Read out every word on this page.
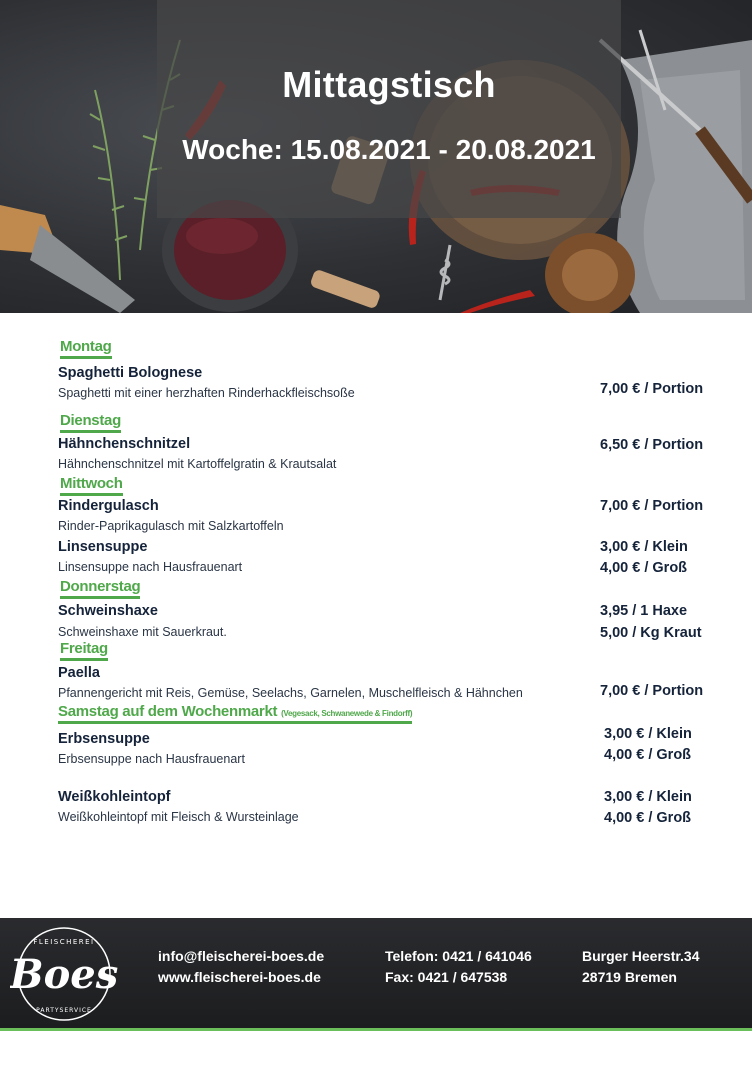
Mittagstisch
Woche: 15.08.2021 - 20.08.2021
Montag
Spaghetti Bolognese
Spaghetti mit einer herzhaften Rinderhackfleischsoße	7,00 € / Portion
Dienstag
Hähnchenschnitzel
Hähnchenschnitzel mit Kartoffelgratin & Krautsalat
6,50 € / Portion
Mittwoch
Rindergulasch
Rinder-Paprikagulasch mit Salzkartoffeln
7,00 € / Portion
Linsensuppe
Linsensuppe nach Hausfrauenart
3,00 € / Klein
4,00 € / Groß
Donnerstag
Schweinshaxe
Schweinshaxe mit Sauerkraut.
3,95 / 1 Haxe
5,00 / Kg Kraut
Freitag
Paella
Pfannengericht mit Reis, Gemüse, Seelachs, Garnelen, Muschelfleisch & Hähnchen	7,00 € / Portion
Samstag auf dem Wochenmarkt (Vegesack, Schwanewede & Findorff)
Erbsensuppe
Erbsensuppe nach Hausfrauenart
3,00 € / Klein
4,00 € / Groß
Weißkohleintopf
Weißkohleintopf mit Fleisch & Wursteinlage
3,00 € / Klein
4,00 € / Groß
FLEISCHEREI
Boes
PARTYSERVICE
info@fleischerei-boes.de
www.fleischerei-boes.de
Telefon: 0421 / 641046
Fax: 0421 / 647538
Burger Heerstr.34
28719 Bremen
